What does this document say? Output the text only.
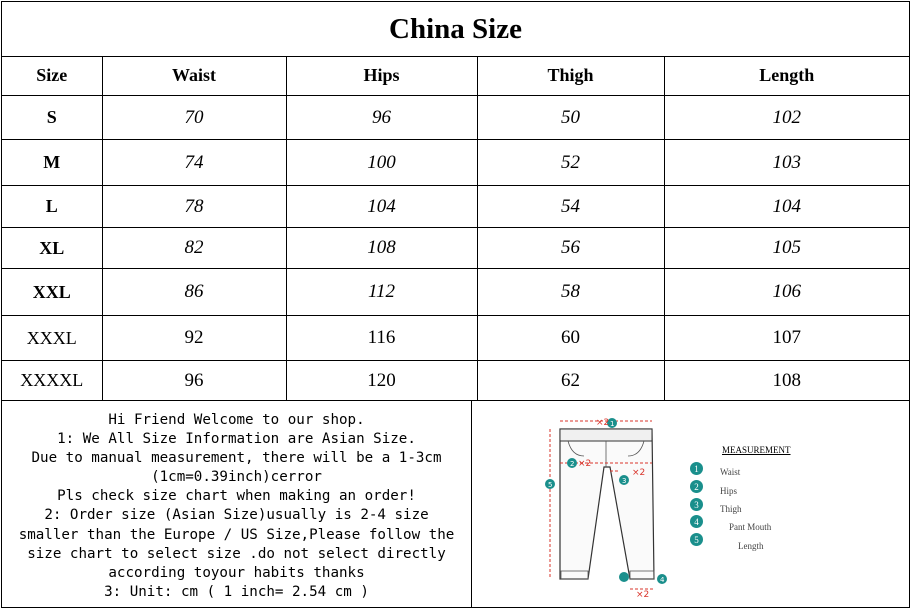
China Size
Size	Waist	Hips	Thigh	Length
S	70	96	50	102
M	74	100	52	103
L	78	104	54	104
XL	82	108	56	105
XXL	86	112	58	106
XXXL	92	116	60	107
XXXXL	96	120	62	108
Hi Friend Welcome to our shop.
1: We All Size Information are Asian Size.
Due to manual measurement, there will be a 1-3cm
(1cm=0.39inch)cerror
Pls check size chart when making an order!
2: Order size (Asian Size)usually is 2-4 size
smaller than the Europe / US Size,Please follow the
size chart to select size .do not select directly
according toyour habits thanks
3: Unit: cm ( 1 inch= 2.54 cm )
1
2
3
5
4
×2
×2
×2
×2
MEASUREMENT
1	Waist
2	Hips
3	Thigh
4
Pant Mouth
5
Length
